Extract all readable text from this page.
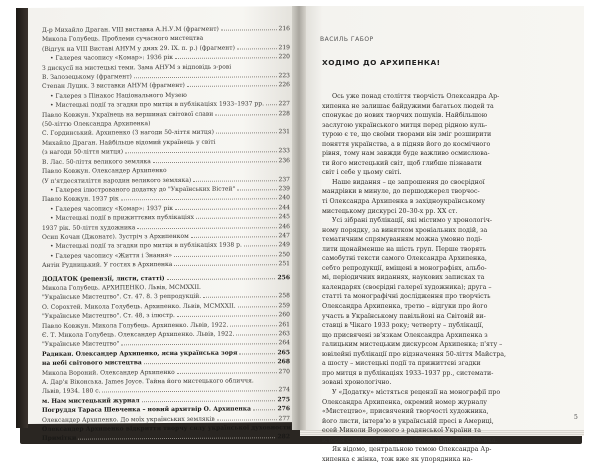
Д-р Михайло Драган. VIII виставка А.Н.У.М (фрагмент)	216
Микола Голубець. Проблеми сучасного мистецтва
(Відгук на VIII Виставі АНУМ у днях 29. IX. п. р.) (фрагмент)	219
• Галерея часопису «Комар»: 1936 рік	220
З дискусії на мистецькі теми. Зама АНУМ з відповідь з-рові
В. Залозецькому (фрагмент)	223
Степан Луцик. З виставки АНУМ (фрагмент)	226
• Галерея з Пінакос Національного Музею
• Мистецькі події та згадки про митця в публікаціях 1933–1937 рр. 227
Павло Ковжун. Українець на вершинах світової слави	228
(50-літтю Олександра Архипенка)
С. Гординський. Архипенко (З нагоди 50-ліття митця)	231
Михайло Драган. Найбільше відомий українець у світі
(з нагоди 50-ліття митця)	233
В. Лас. 50-ліття великого земляка	236
Павло Ковжун. Олександер Архипенко
(У п'ятдесятиліття народин великого земляка)	237
• Галерея ілюстрованого додатку до "Українських Вістей"	239
Павло Ковжун. 1937 рік	240
• Галерея часопису «Комар»: 1937 рік	244
• Мистецькі події в прижиттєвих публікаціях	245
1937 рік. 50-ліття художника	246
Осип Кочан (Джонатє). Зустріч з Архипенком	247
• Мистецькі події та згадки про митця в публікаціях 1938 р.	249
• Галерея часопису «Життя і Знання»	250
Антін Рудницький. У гостях в Архипенка	251
ДОДАТОК (рецензії, листи, статті)	256
Микола Голубець. АРХИПЕНКО. Львів, MCMXXII.
"Українське Мистецтво". Ст. 47. 8. 3 репродукцій.	258
О. Сорохтей. Микола Голубець. Архипенко. Львів, MCMXXII.	259
"Українське Мистецтво". Ст. 48, з ілюстр.	260
Павло Ковжун. Микола Голубець. Архипенко. Львів, 1922.	261
Є. Т. Микола Голубець. Олександер Архипенко. Львів, 1922.	263
"Українське Мистецтво"	264
Радикан. Олександер Архипенко, ясна українська зоря	265
на небі світового мистецтва	268
Микола Вороний. Олександер Архипенко	270
А. Дар'я Віконська. James Joyce. Тайна його мистецького обличчя.
Львів, 1934. 180 с.	274
м. Нам мистецький журнал	275
Погруддя Тараса Шевченка – новий архитвір О. Архипенка	276
Олександер Архипенко. До моїх українських земляків	277
Олександер Архипенко відкриття творчу силу української духовности
Примітки	282
ВАСИЛЬ ГАБОР
ХОДІМО ДО АРХИПЕНКА!
Ось уже понад століття творчість Олександра Ар-
хипенка не залишає байдужими багатьох людей та
спонукає до нових творчих пошуків. Найбільшою
заслугою українського митця перед рідною куль-
турою є те, що своїми творами він зміг розширити
поняття українства, а в підняв його до космічного
рівня, тому нам завжди буде важливо осмислюва-
ти його мистецький світ, щоб глибше пізнавати
світ і себе у цьому світі.
Наше видання – це запрошення до своєрідної
мандрівки в минуле, до першоджерел творчос-
ті Олександра Архипенка в західноукраїнському
мистецькому дискурсі 20–30-х рр. ХХ ст.
Усі зібрані публікації, які містимо у хронологіч-
ному порядку, за винятком хроніальних подій, за
тематичним спрямуванням можна умовно поді-
лити щонайменше на шість груп. Перше творять
самобутні тексти самого Олександра Архипенка,
себто репродукції, вміщені в монографіях, альбо-
мі, періодичних виданнях, наукових записках та
календарях (своєрідні галереї художника); друга –
статті та монографічні дослідження про творчість
Олександра Архипенка, третю – відгуки про його
участь в Українському павільйоні на Світовій ви-
ставці в Чікаго 1933 року; четверту – публікації,
що присвячені зв'язкам Олександра Архипенка з
галицьким мистецьким дискурсом Архипенка; п'яту –
ювілейні публікації про відзначення 50-ліття Майстра,
а шосту – мистецькі події та прижиттєві згадки
про митця в публікаціях 1933–1937 рр., системати-
зовані хронологічно.
У «Додатку» містяться рецензії на монографії про
Олександра Архипенка, окремий номер журналу
«Мистецтво», присвячений творчості художника,
його листи, інтерв'ю в українській пресі в Америці,
есей Миколи Вороного з радянської України та
історія створення третього бюсту Тараса Шевченка.
Як відомо, центральною темою Олександра Ар-
хипенка є жінка, тож вже як упорядника на-
5
